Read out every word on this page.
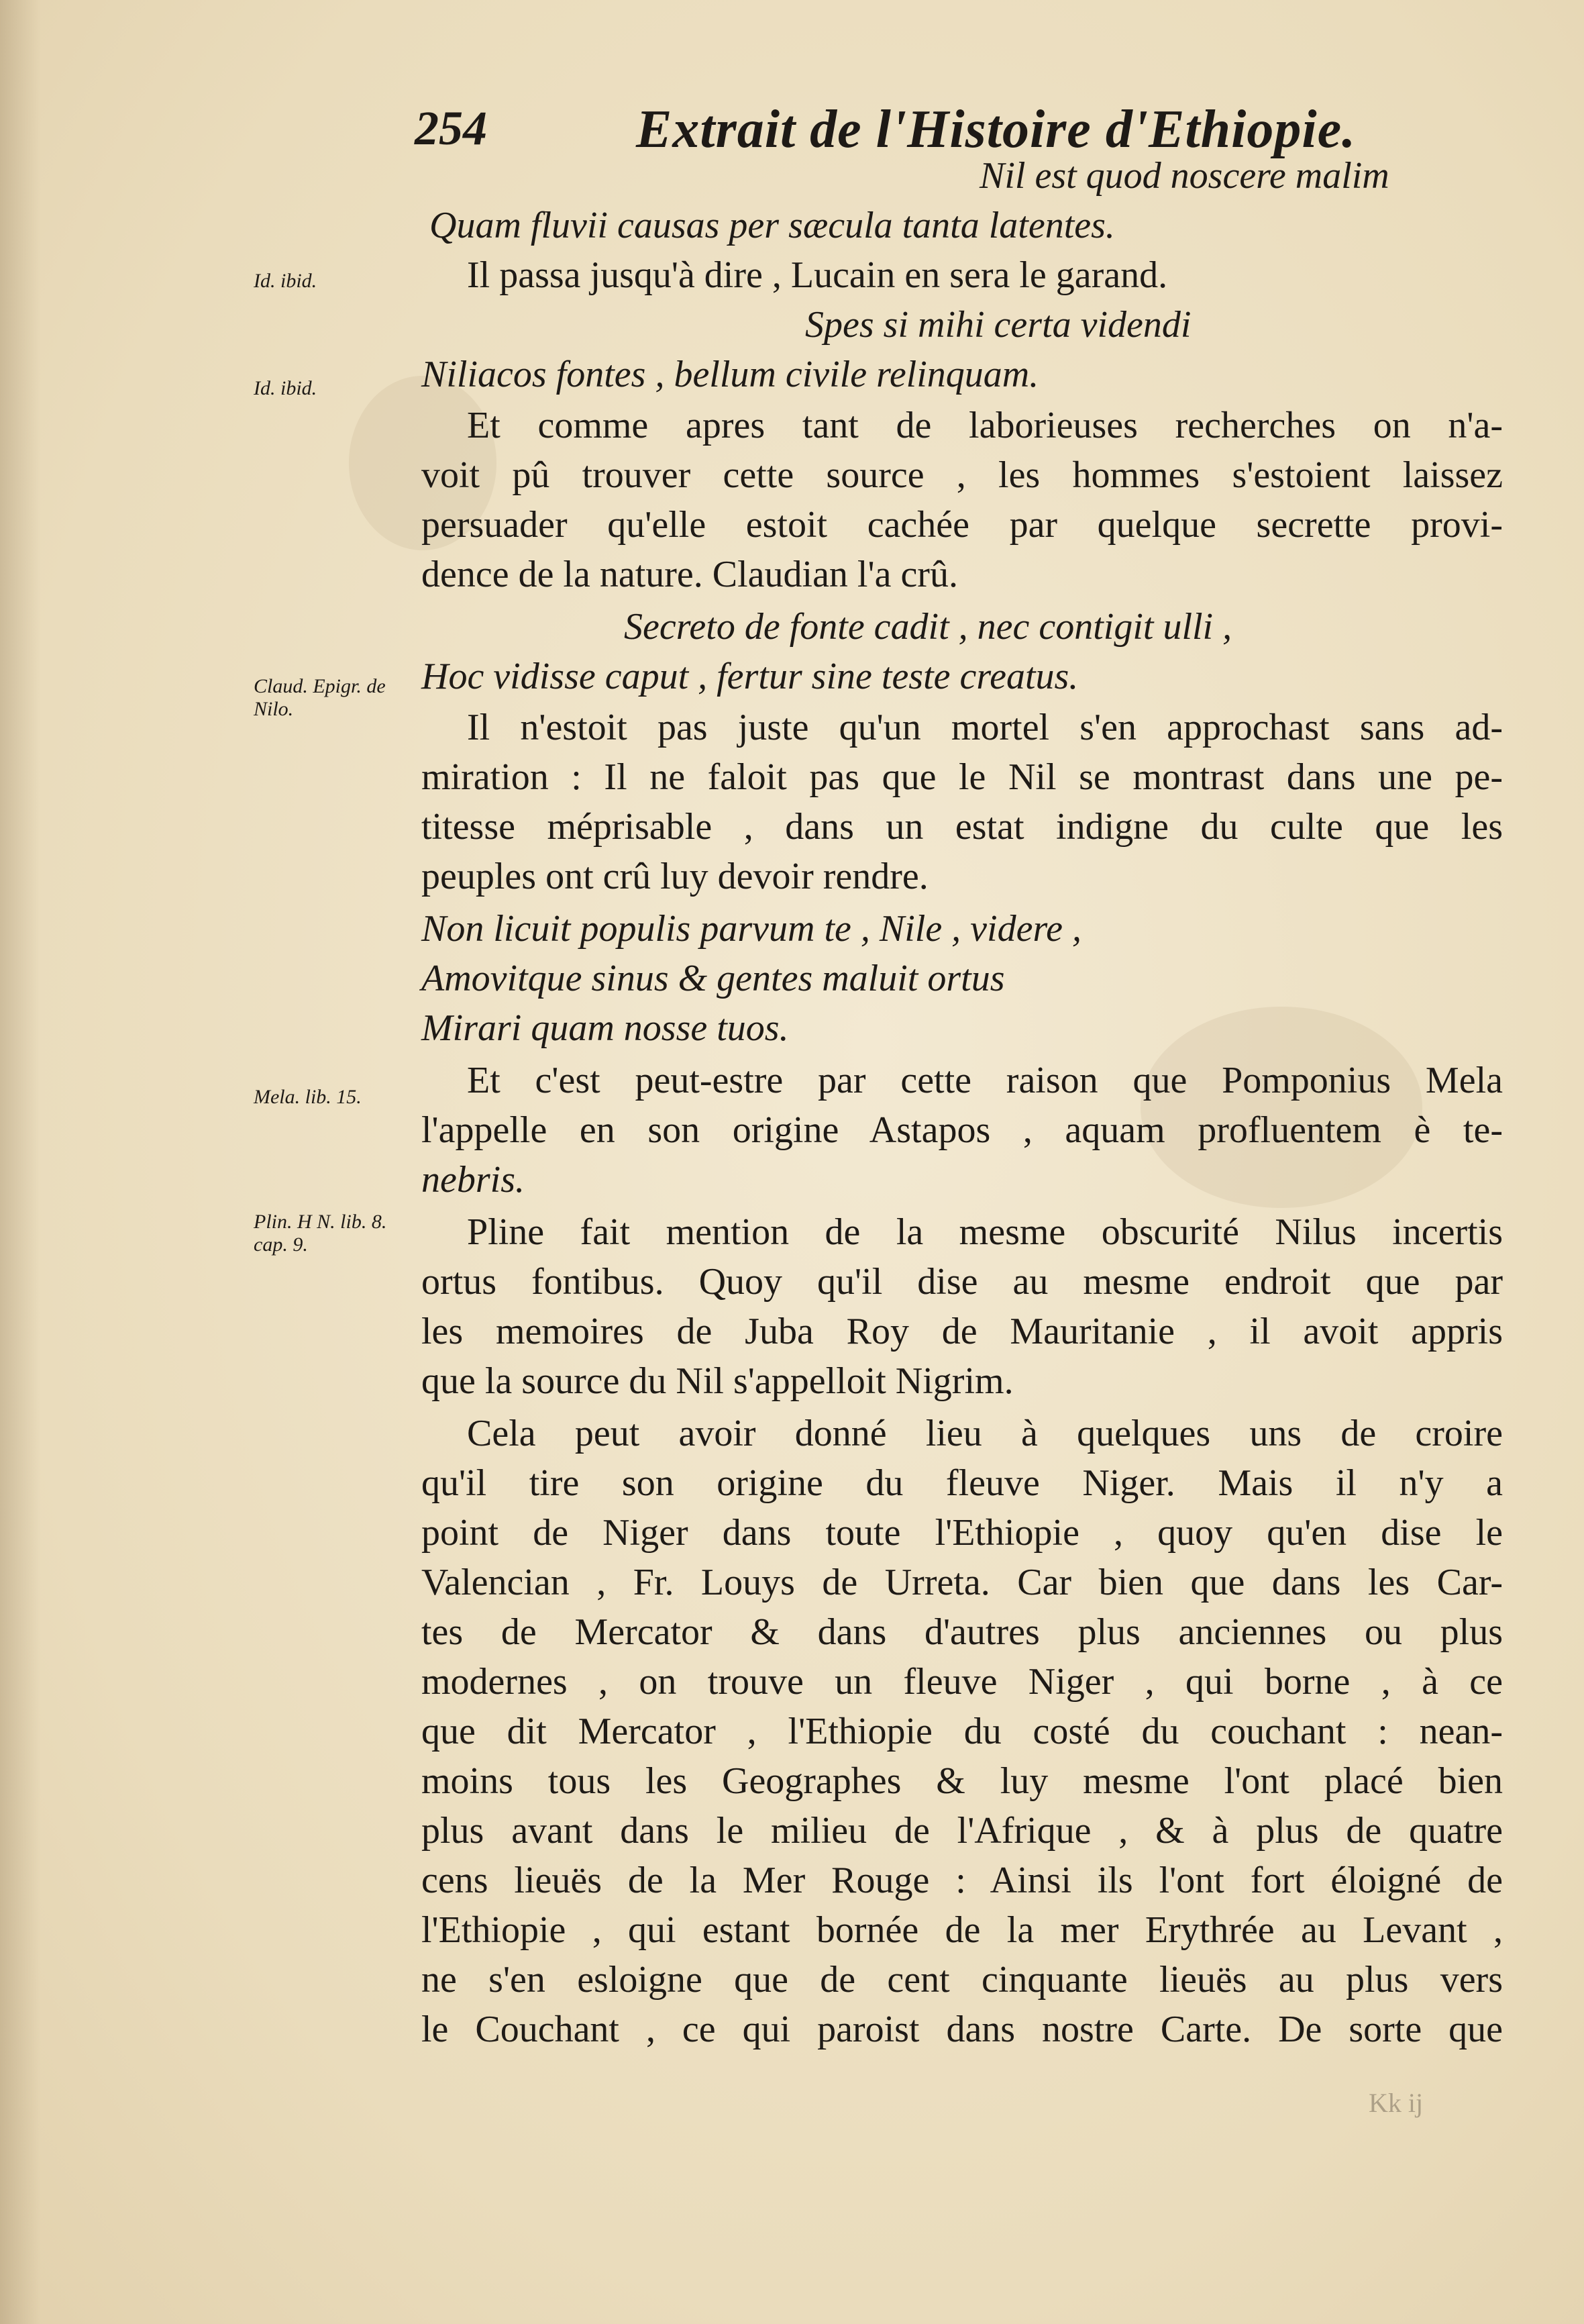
254	Extrait de l'Histoire d'Ethiopie.
Id. ibid.
Id. ibid.
Claud. Epigr. de Nilo.
Mela. lib. 15.
Plin. H N. lib. 8. cap. 9.
Nil est quod noscere malim
Quam fluvii causas per sæcula tanta latentes.
Il passa jusqu'à dire , Lucain en sera le garand.
Spes si mihi certa videndi
Niliacos fontes , bellum civile relinquam.
Et comme apres tant de laborieuses recherches on n'a-
voit pû trouver cette source , les hommes s'estoient laissez
persuader qu'elle estoit cachée par quelque secrette provi-
dence de la nature. Claudian l'a crû.
Secreto de fonte cadit , nec contigit ulli ,
Hoc vidisse caput , fertur sine teste creatus.
Il n'estoit pas juste qu'un mortel s'en approchast sans ad-
miration : Il ne faloit pas que le Nil se montrast dans une pe-
titesse méprisable , dans un estat indigne du culte que les
peuples ont crû luy devoir rendre.
Non licuit populis parvum te , Nile , videre ,
Amovitque sinus & gentes maluit ortus
Mirari quam nosse tuos.
Et c'est peut-estre par cette raison que Pomponius Mela
l'appelle en son origine Astapos , aquam profluentem è te-
nebris.
Pline fait mention de la mesme obscurité Nilus incertis
ortus fontibus. Quoy qu'il dise au mesme endroit que par
les memoires de Juba Roy de Mauritanie , il avoit appris
que la source du Nil s'appelloit Nigrim.
Cela peut avoir donné lieu à quelques uns de croire
qu'il tire son origine du fleuve Niger. Mais il n'y a
point de Niger dans toute l'Ethiopie , quoy qu'en dise le
Valencian , Fr. Louys de Urreta. Car bien que dans les Car-
tes de Mercator & dans d'autres plus anciennes ou plus
modernes , on trouve un fleuve Niger , qui borne , à ce
que dit Mercator , l'Ethiopie du costé du couchant : nean-
moins tous les Geographes & luy mesme l'ont placé bien
plus avant dans le milieu de l'Afrique , & à plus de quatre
cens lieuës de la Mer Rouge : Ainsi ils l'ont fort éloigné de
l'Ethiopie , qui estant bornée de la mer Erythrée au Levant ,
ne s'en esloigne que de cent cinquante lieuës au plus vers
le Couchant , ce qui paroist dans nostre Carte. De sorte que
Kk ij
